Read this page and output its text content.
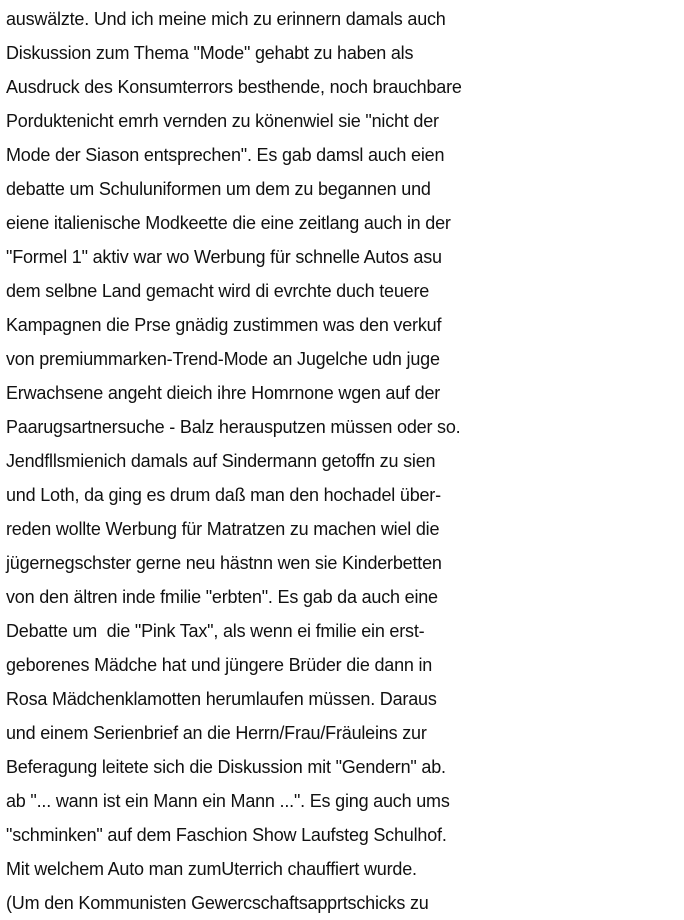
auswälzte. Und ich meine mich zu erinnern damals auch
Diskussion zum Thema "Mode" gehabt zu haben als
Ausdruck des Konsumterrors besthende, noch brauchbare
Porduktenicht emrh vernden zu könenwiel sie "nicht der
Mode der Siason entsprechen". Es gab damsl auch eien
debatte um Schuluniformen um dem zu begannen und
eiene italienische Modkeette die eine zeitlang auch in der
"Formel 1" aktiv war wo Werbung für schnelle Autos asu
dem selbne Land gemacht wird di evrchte duch teuere
Kampagnen die Prse gnädig zustimmen was den verkuf
von premiummarken-Trend-Mode an Jugelche udn juge
Erwachsene angeht dieich ihre Homrnone wgen auf der
Paarugsartnersuche - Balz herausputzen müssen oder so.
Jendfllsmienich damals auf Sindermann getoffn zu sien
und Loth, da ging es drum daß man den hochadel über-
reden wollte Werbung für Matratzen zu machen wiel die
jügernegschster gerne neu hästnn wen sie Kinderbetten
von den ältren inde fmilie "erbten". Es gab da auch eine
Debatte um  die "Pink Tax", als wenn ei fmilie ein erst-
geborenes Mädche hat und jüngere Brüder die dann in
Rosa Mädchenklamotten herumlaufen müssen. Daraus
und einem Serienbrief an die Herrn/Frau/Fräuleins zur
Beferagung leitete sich die Diskussion mit "Gendern" ab.
ab "... wann ist ein Mann ein Mann ...". Es ging auch ums
"schminken" auf dem Faschion Show Laufsteg Schulhof.
Mit welchem Auto man zumUterrich chauffiert wurde.
(Um den Kommunisten Gewercschaftsapprtschicks zu
